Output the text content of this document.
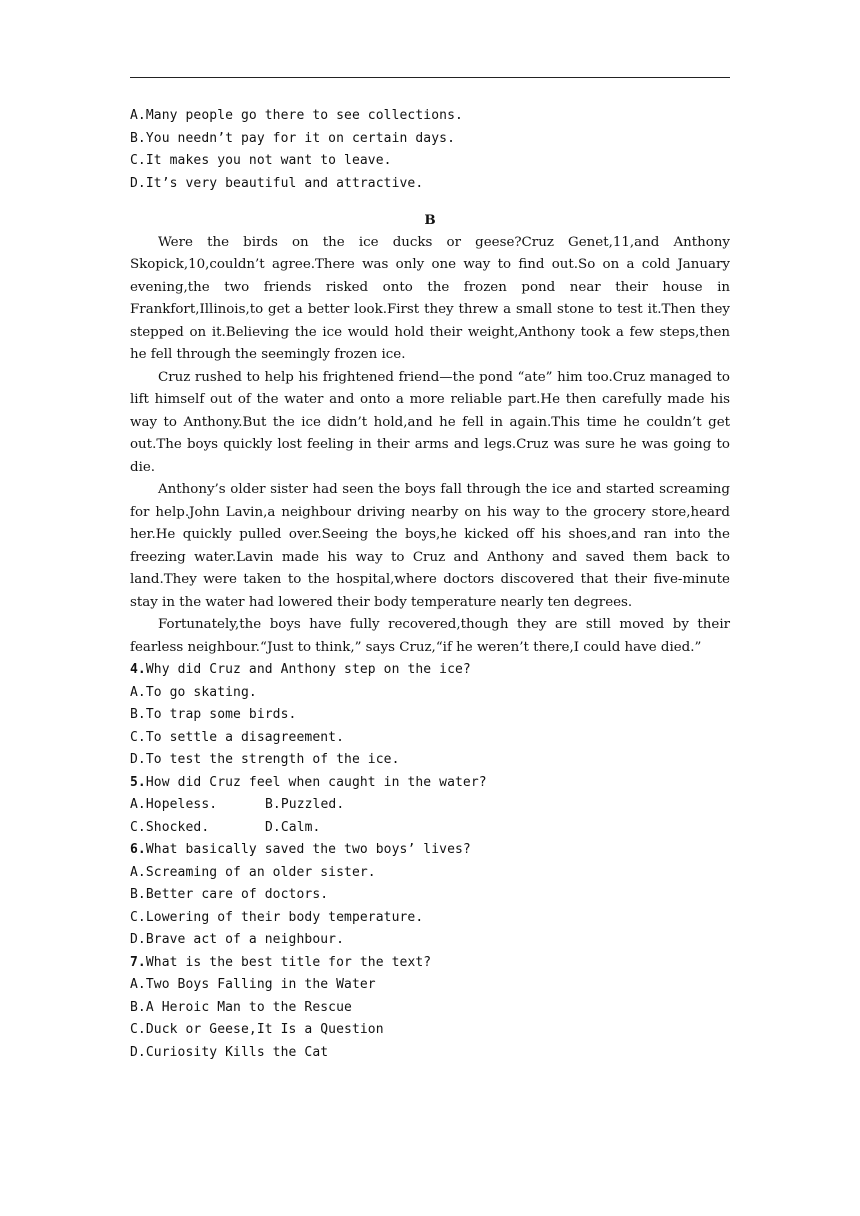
A.Many people go there to see collections.
B.You needn’t pay for it on certain days.
C.It makes you not want to leave.
D.It’s very beautiful and attractive.
B

Were the birds on the ice ducks or geese?Cruz Genet,11,and Anthony Skopick,10,couldn’t agree.There was only one way to find out.So on a cold January evening,the two friends risked onto the frozen pond near their house in Frankfort,Illinois,to get a better look.First they threw a small stone to test it.Then they stepped on it.Believing the ice would hold their weight,Anthony took a few steps,then he fell through the seemingly frozen ice.

Cruz rushed to help his frightened friend—the pond “ate” him too.Cruz managed to lift himself out of the water and onto a more reliable part.He then carefully made his way to Anthony.But the ice didn’t hold,and he fell in again.This time he couldn’t get out.The boys quickly lost feeling in their arms and legs.Cruz was sure he was going to die.

Anthony’s older sister had seen the boys fall through the ice and started screaming for help.John Lavin,a neighbour driving nearby on his way to the grocery store,heard her.He quickly pulled over.Seeing the boys,he kicked off his shoes,and ran into the freezing water.Lavin made his way to Cruz and Anthony and saved them back to land.They were taken to the hospital,where doctors discovered that their five-minute stay in the water had lowered their body temperature nearly ten degrees.

Fortunately,the boys have fully recovered,though they are still moved by their fearless neighbour.“Just to think,” says Cruz,“if he weren’t there,I could have died.”

4.Why did Cruz and Anthony step on the ice?
A.To go skating.
B.To trap some birds.
C.To settle a disagreement.
D.To test the strength of the ice.
5.How did Cruz feel when caught in the water?
A.Hopeless.	B.Puzzled.
C.Shocked.	D.Calm.
6.What basically saved the two boys’ lives?
A.Screaming of an older sister.
B.Better care of doctors.
C.Lowering of their body temperature.
D.Brave act of a neighbour.
7.What is the best title for the text?
A.Two Boys Falling in the Water
B.A Heroic Man to the Rescue
C.Duck or Geese,It Is a Question
D.Curiosity Kills the Cat
